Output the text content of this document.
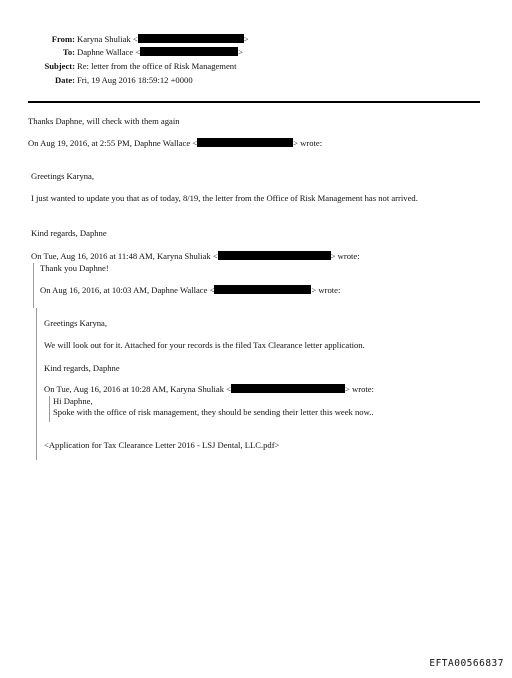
From: Karyna Shuliak <	>
To: Daphne Wallace <	>
Subject: Re: letter from the office of Risk Management
Date: Fri, 19 Aug 2016 18:59:12 +0000
Thanks Daphne, will check with them again
On Aug 19, 2016, at 2:55 PM, Daphne Wallace <	> wrote:
Greetings Karyna,
I just wanted to update you that as of today, 8/19, the letter from the Office of Risk Management has not arrived.
Kind regards, Daphne
On Tue, Aug 16, 2016 at 11:48 AM, Karyna Shuliak <	> wrote:
Thank you Daphne!
On Aug 16, 2016, at 10:03 AM, Daphne Wallace <	> wrote:
Greetings Karyna,
We will look out for it. Attached for your records is the filed Tax Clearance letter application.
Kind regards, Daphne
On Tue, Aug 16, 2016 at 10:28 AM, Karyna Shuliak <	> wrote:
Hi Daphne,
Spoke with the office of risk management, they should be sending their letter this week now..
<Application for Tax Clearance Letter 2016 - LSJ Dental, LLC.pdf>
EFTA00566837
